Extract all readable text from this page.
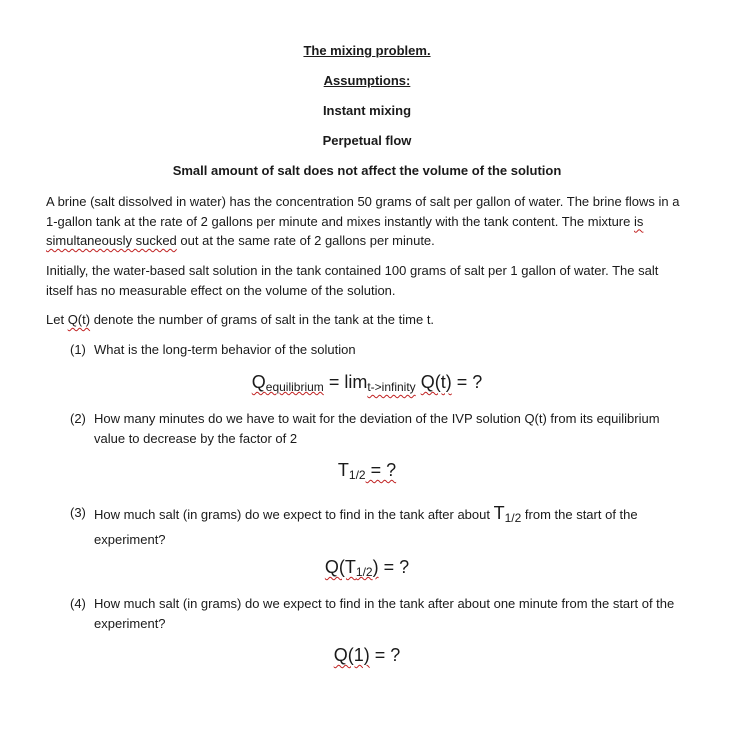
The mixing problem.
Assumptions:
Instant mixing
Perpetual flow
Small amount of salt does not affect the volume of the solution
A brine (salt dissolved in water) has the concentration 50 grams of salt per gallon of water. The brine flows in a 1-gallon tank at the rate of 2 gallons per minute and mixes instantly with the tank content. The mixture is simultaneously sucked out at the same rate of 2 gallons per minute.
Initially, the water-based salt solution in the tank contained 100 grams of salt per 1 gallon of water. The salt itself has no measurable effect on the volume of the solution.
Let Q(t) denote the number of grams of salt in the tank at the time t.
(1) What is the long-term behavior of the solution
$Q_{equilibrium} = \lim_{t->infinity} Q(t)$ = ?
(2) How many minutes do we have to wait for the deviation of the IVP solution Q(t) from its equilibrium value to decrease by the factor of 2
$T_{1/2}$ = ?
(3) How much salt (in grams) do we expect to find in the tank after about $T_{1/2}$ from the start of the experiment?
$Q(T_{1/2})$ = ?
(4) How much salt (in grams) do we expect to find in the tank after about one minute from the start of the experiment?
Q(1) = ?
